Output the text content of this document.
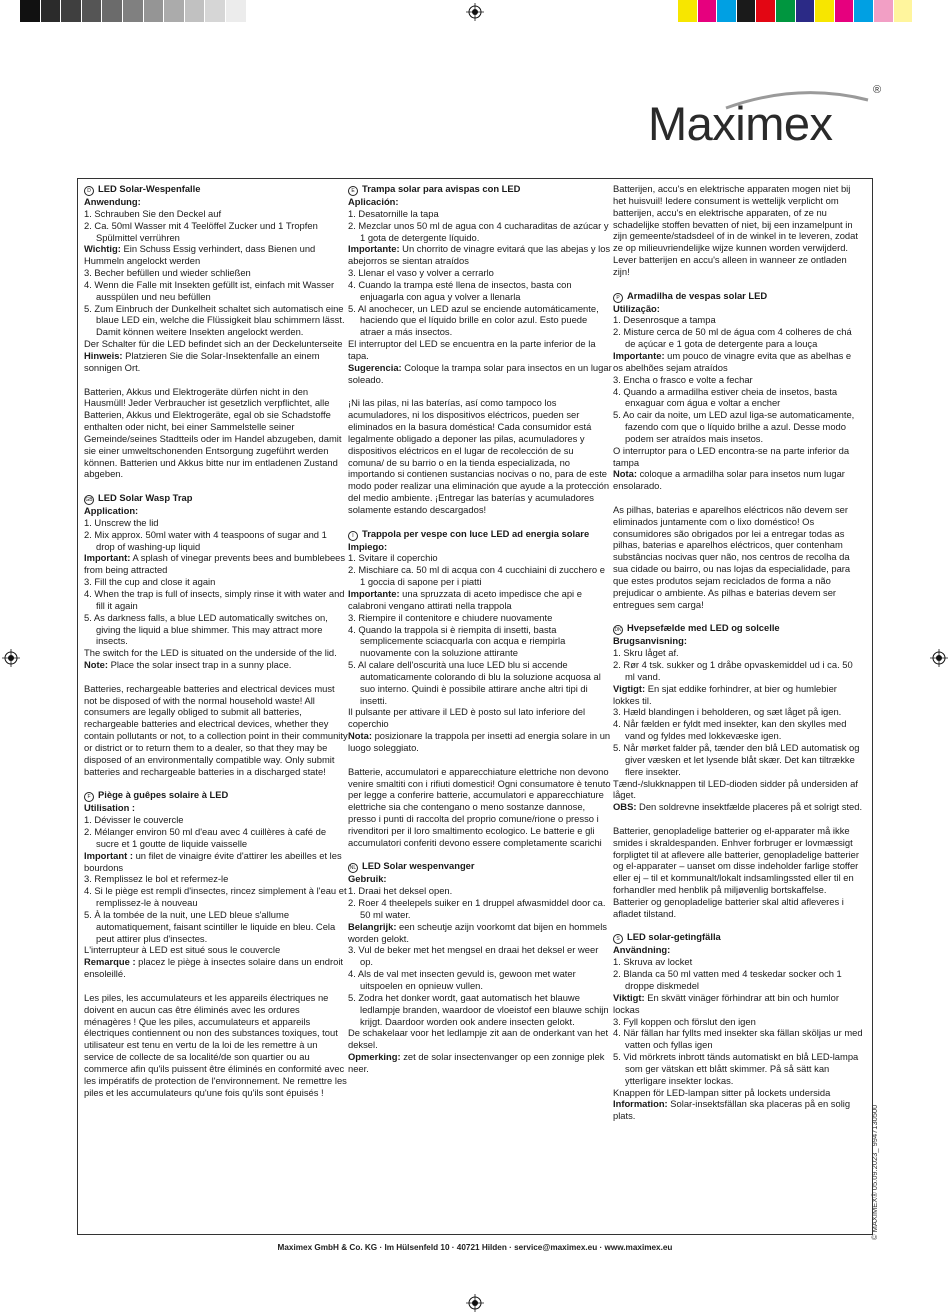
Maximex
®
D LED Solar-Wespenfalle
Anwendung:
1. Schrauben Sie den Deckel auf
2. Ca. 50ml Wasser mit 4 Teelöffel Zucker und 1 Tropfen Spülmittel verrühren
Wichtig: Ein Schuss Essig verhindert, dass Bienen und Hummeln angelockt werden
3. Becher befüllen und wieder schließen
4. Wenn die Falle mit Insekten gefüllt ist, einfach mit Wasser ausspülen und neu befüllen
5. Zum Einbruch der Dunkelheit schaltet sich automatisch eine blaue LED ein, welche die Flüssigkeit blau schimmern lässt. Damit können weitere Insekten angelockt werden.
Der Schalter für die LED befindet sich an der Deckelunterseite
Hinweis: Platzieren Sie die Solar-Insektenfalle an einem sonnigen Ort.
Batterien, Akkus und Elektrogeräte dürfen nicht in den Hausmüll! Jeder Verbraucher ist gesetzlich verpflichtet, alle Batterien, Akkus und Elektrogeräte, egal ob sie Schadstoffe enthalten oder nicht, bei einer Sammelstelle seiner Gemeinde/seines Stadtteils oder im Handel abzugeben, damit sie einer umweltschonenden Entsorgung zugeführt werden können. Batterien und Akkus bitte nur im entladenen Zustand abgeben.
GB LED Solar Wasp Trap
Application:
1. Unscrew the lid
2. Mix approx. 50ml water with 4 teaspoons of sugar and 1 drop of washing-up liquid
Important: A splash of vinegar prevents bees and bumblebees from being attracted
3. Fill the cup and close it again
4. When the trap is full of insects, simply rinse it with water and fill it again
5. As darkness falls, a blue LED automatically switches on, giving the liquid a blue shimmer. This may attract more insects.
The switch for the LED is situated on the underside of the lid.
Note: Place the solar insect trap in a sunny place.
Batteries, rechargeable batteries and electrical devices must not be disposed of with the normal household waste! All consumers are legally obliged to submit all batteries, rechargeable batteries and electrical devices, whether they contain pollutants or not, to a collection point in their community or district or to return them to a dealer, so that they may be disposed of an environmentally compatible way. Only submit batteries and rechargeable batteries in a discharged state!
F Piège à guêpes solaire à LED
Utilisation :
1. Dévisser le couvercle
2. Mélanger environ 50 ml d'eau avec 4 cuillères à café de sucre et 1 goutte de liquide vaisselle
Important : un filet de vinaigre évite d'attirer les abeilles et les bourdons
3. Remplissez le bol et refermez-le
4. Si le piège est rempli d'insectes, rincez simplement à l'eau et remplissez-le à nouveau
5. À la tombée de la nuit, une LED bleue s'allume automatiquement, faisant scintiller le liquide en bleu. Cela peut attirer plus d'insectes.
L'interrupteur à LED est situé sous le couvercle
Remarque : placez le piège à insectes solaire dans un endroit ensoleillé.
Les piles, les accumulateurs et les appareils électriques ne doivent en aucun cas être éliminés avec les ordures ménagères ! Que les piles, accumulateurs et appareils électriques contiennent ou non des substances toxiques, tout utilisateur est tenu en vertu de la loi de les remettre à un service de collecte de sa localité/de son quartier ou au commerce afin qu'ils puissent être éliminés en conformité avec les impératifs de protection de l'environnement. Ne remettre les piles et les accumulateurs qu'une fois qu'ils sont épuisés !
E Trampa solar para avispas con LED
Aplicación:
1. Desatornille la tapa
2. Mezclar unos 50 ml de agua con 4 cucharaditas de azúcar y 1 gota de detergente líquido.
Importante: Un chorrito de vinagre evitará que las abejas y los abejorros se sientan atraídos
3. Llenar el vaso y volver a cerrarlo
4. Cuando la trampa esté llena de insectos, basta con enjuagarla con agua y volver a llenarla
5. Al anochecer, un LED azul se enciende automáticamente, haciendo que el líquido brille en color azul. Esto puede atraer a más insectos.
El interruptor del LED se encuentra en la parte inferior de la tapa.
Sugerencia: Coloque la trampa solar para insectos en un lugar soleado.
¡Ni las pilas, ni las baterías, así como tampoco los acumuladores, ni los dispositivos eléctricos, pueden ser eliminados en la basura doméstica! Cada consumidor está legalmente obligado a deponer las pilas, acumuladores y dispositivos eléctricos en el lugar de recolección de su comuna/ de su barrio o en la tienda especializada, no importando si contienen sustancias nocivas o no, para de este modo poder realizar una eliminación que ayude a la protección del medio ambiente. ¡Entregar las baterías y acumuladores solamente estando descargados!
I Trappola per vespe con luce LED ad energia solare
Impiego:
1. Svitare il coperchio
2. Mischiare ca. 50 ml di acqua con 4 cucchiaini di zucchero e 1 goccia di sapone per i piatti
Importante: una spruzzata di aceto impedisce che api e calabroni vengano attirati nella trappola
3. Riempire il contenitore e chiudere nuovamente
4. Quando la trappola si è riempita di insetti, basta semplicemente sciacquarla con acqua e riempirla nuovamente con la soluzione attirante
5. Al calare dell'oscurità una luce LED blu si accende automaticamente colorando di blu la soluzione acquosa al suo interno. Quindi è possibile attirare anche altri tipi di insetti.
Il pulsante per attivare il LED è posto sul lato inferiore del coperchio
Nota: posizionare la trappola per insetti ad energia solare in un luogo soleggiato.
Batterie, accumulatori e apparecchiature elettriche non devono venire smaltiti con i rifiuti domestici! Ogni consumatore è tenuto per legge a conferire batterie, accumulatori e apparecchiature elettriche sia che contengano o meno sostanze dannose, presso i punti di raccolta del proprio comune/rione o presso i rivenditori per il loro smaltimento ecologico. Le batterie e gli accumulatori conferiti devono essere completamente scarichi
NL LED Solar wespenvanger
Gebruik:
1. Draai het deksel open.
2. Roer 4 theelepels suiker en 1 druppel afwasmiddel door ca. 50 ml water.
Belangrijk: een scheutje azijn voorkomt dat bijen en hommels worden gelokt.
3. Vul de beker met het mengsel en draai het deksel er weer op.
4. Als de val met insecten gevuld is, gewoon met water uitspoelen en opnieuw vullen.
5. Zodra het donker wordt, gaat automatisch het blauwe ledlampje branden, waardoor de vloeistof een blauwe schijn krijgt. Daardoor worden ook andere insecten gelokt.
De schakelaar voor het ledlampje zit aan de onderkant van het deksel.
Opmerking: zet de solar insectenvanger op een zonnige plek neer.
Batterijen, accu's en elektrische apparaten mogen niet bij het huisvuil! Iedere consument is wettelijk verplicht om batterijen, accu's en elektrische apparaten, of ze nu schadelijke stoffen bevatten of niet, bij een inzamelpunt in zijn gemeente/stadsdeel of in de winkel in te leveren, zodat ze op milieuvriendelijke wijze kunnen worden verwijderd. Lever batterijen en accu's alleen in wanneer ze ontladen zijn!
P Armadilha de vespas solar LED
Utilização:
1. Desenrosque a tampa
2. Misture cerca de 50 ml de água com 4 colheres de chá de açúcar e 1 gota de detergente para a louça
Importante: um pouco de vinagre evita que as abelhas e os abelhões sejam atraídos
3. Encha o frasco e volte a fechar
4. Quando a armadilha estiver cheia de insetos, basta enxaguar com água e voltar a encher
5. Ao cair da noite, um LED azul liga-se automaticamente, fazendo com que o líquido brilhe a azul. Desse modo podem ser atraídos mais insetos.
O interruptor para o LED encontra-se na parte inferior da tampa
Nota: coloque a armadilha solar para insetos num lugar ensolarado.
As pilhas, baterias e aparelhos eléctricos não devem ser eliminados juntamente com o lixo doméstico! Os consumidores são obrigados por lei a entregar todas as pilhas, baterias e aparelhos eléctricos, quer contenham substâncias nocivas quer não, nos centros de recolha da sua cidade ou bairro, ou nas lojas da especialidade, para que estes produtos sejam reciclados de forma a não prejudicar o ambiente. As pilhas e baterias devem ser entregues sem carga!
DK Hvepsefælde med LED og solcelle
Brugsanvisning:
1. Skru låget af.
2. Rør 4 tsk. sukker og 1 dråbe opvaskemiddel ud i ca. 50 ml vand.
Vigtigt: En sjat eddike forhindrer, at bier og humlebier lokkes til.
3. Hæld blandingen i beholderen, og sæt låget på igen.
4. Når fælden er fyldt med insekter, kan den skylles med vand og fyldes med lokkevæske igen.
5. Når mørket falder på, tænder den blå LED automatisk og giver væsken et let lysende blåt skær. Det kan tiltrække flere insekter.
Tænd-/slukknappen til LED-dioden sidder på undersiden af låget.
OBS: Den soldrevne insektfælde placeres på et solrigt sted.
Batterier, genopladelige batterier og el-apparater må ikke smides i skraldespanden. Enhver forbruger er lovmæssigt forpligtet til at aflevere alle batterier, genopladelige batterier og el-apparater – uanset om disse indeholder farlige stoffer eller ej – til et kommunalt/lokalt indsamlingssted eller til en forhandler med henblik på miljøvenlig bortskaffelse. Batterier og genopladelige batterier skal altid afleveres i afladet tilstand.
S LED solar-getingfälla
Användning:
1. Skruva av locket
2. Blanda ca 50 ml vatten med 4 teskedar socker och 1 droppe diskmedel
Viktigt: En skvätt vinäger förhindrar att bin och humlor lockas
3. Fyll koppen och förslut den igen
4. När fällan har fyllts med insekter ska fällan sköljas ur med vatten och fyllas igen
5. Vid mörkrets inbrott tänds automatiskt en blå LED-lampa som ger vätskan ett blått skimmer. På så sätt kan ytterligare insekter lockas.
Knappen för LED-lampan sitter på lockets undersida
Information: Solar-insektsfällan ska placeras på en solig plats.
Maximex GmbH & Co. KG · Im Hülsenfeld 10 · 40721 Hilden · service@maximex.eu · www.maximex.eu
© MAXIMEX® 05.09.2023_ 9947130500
